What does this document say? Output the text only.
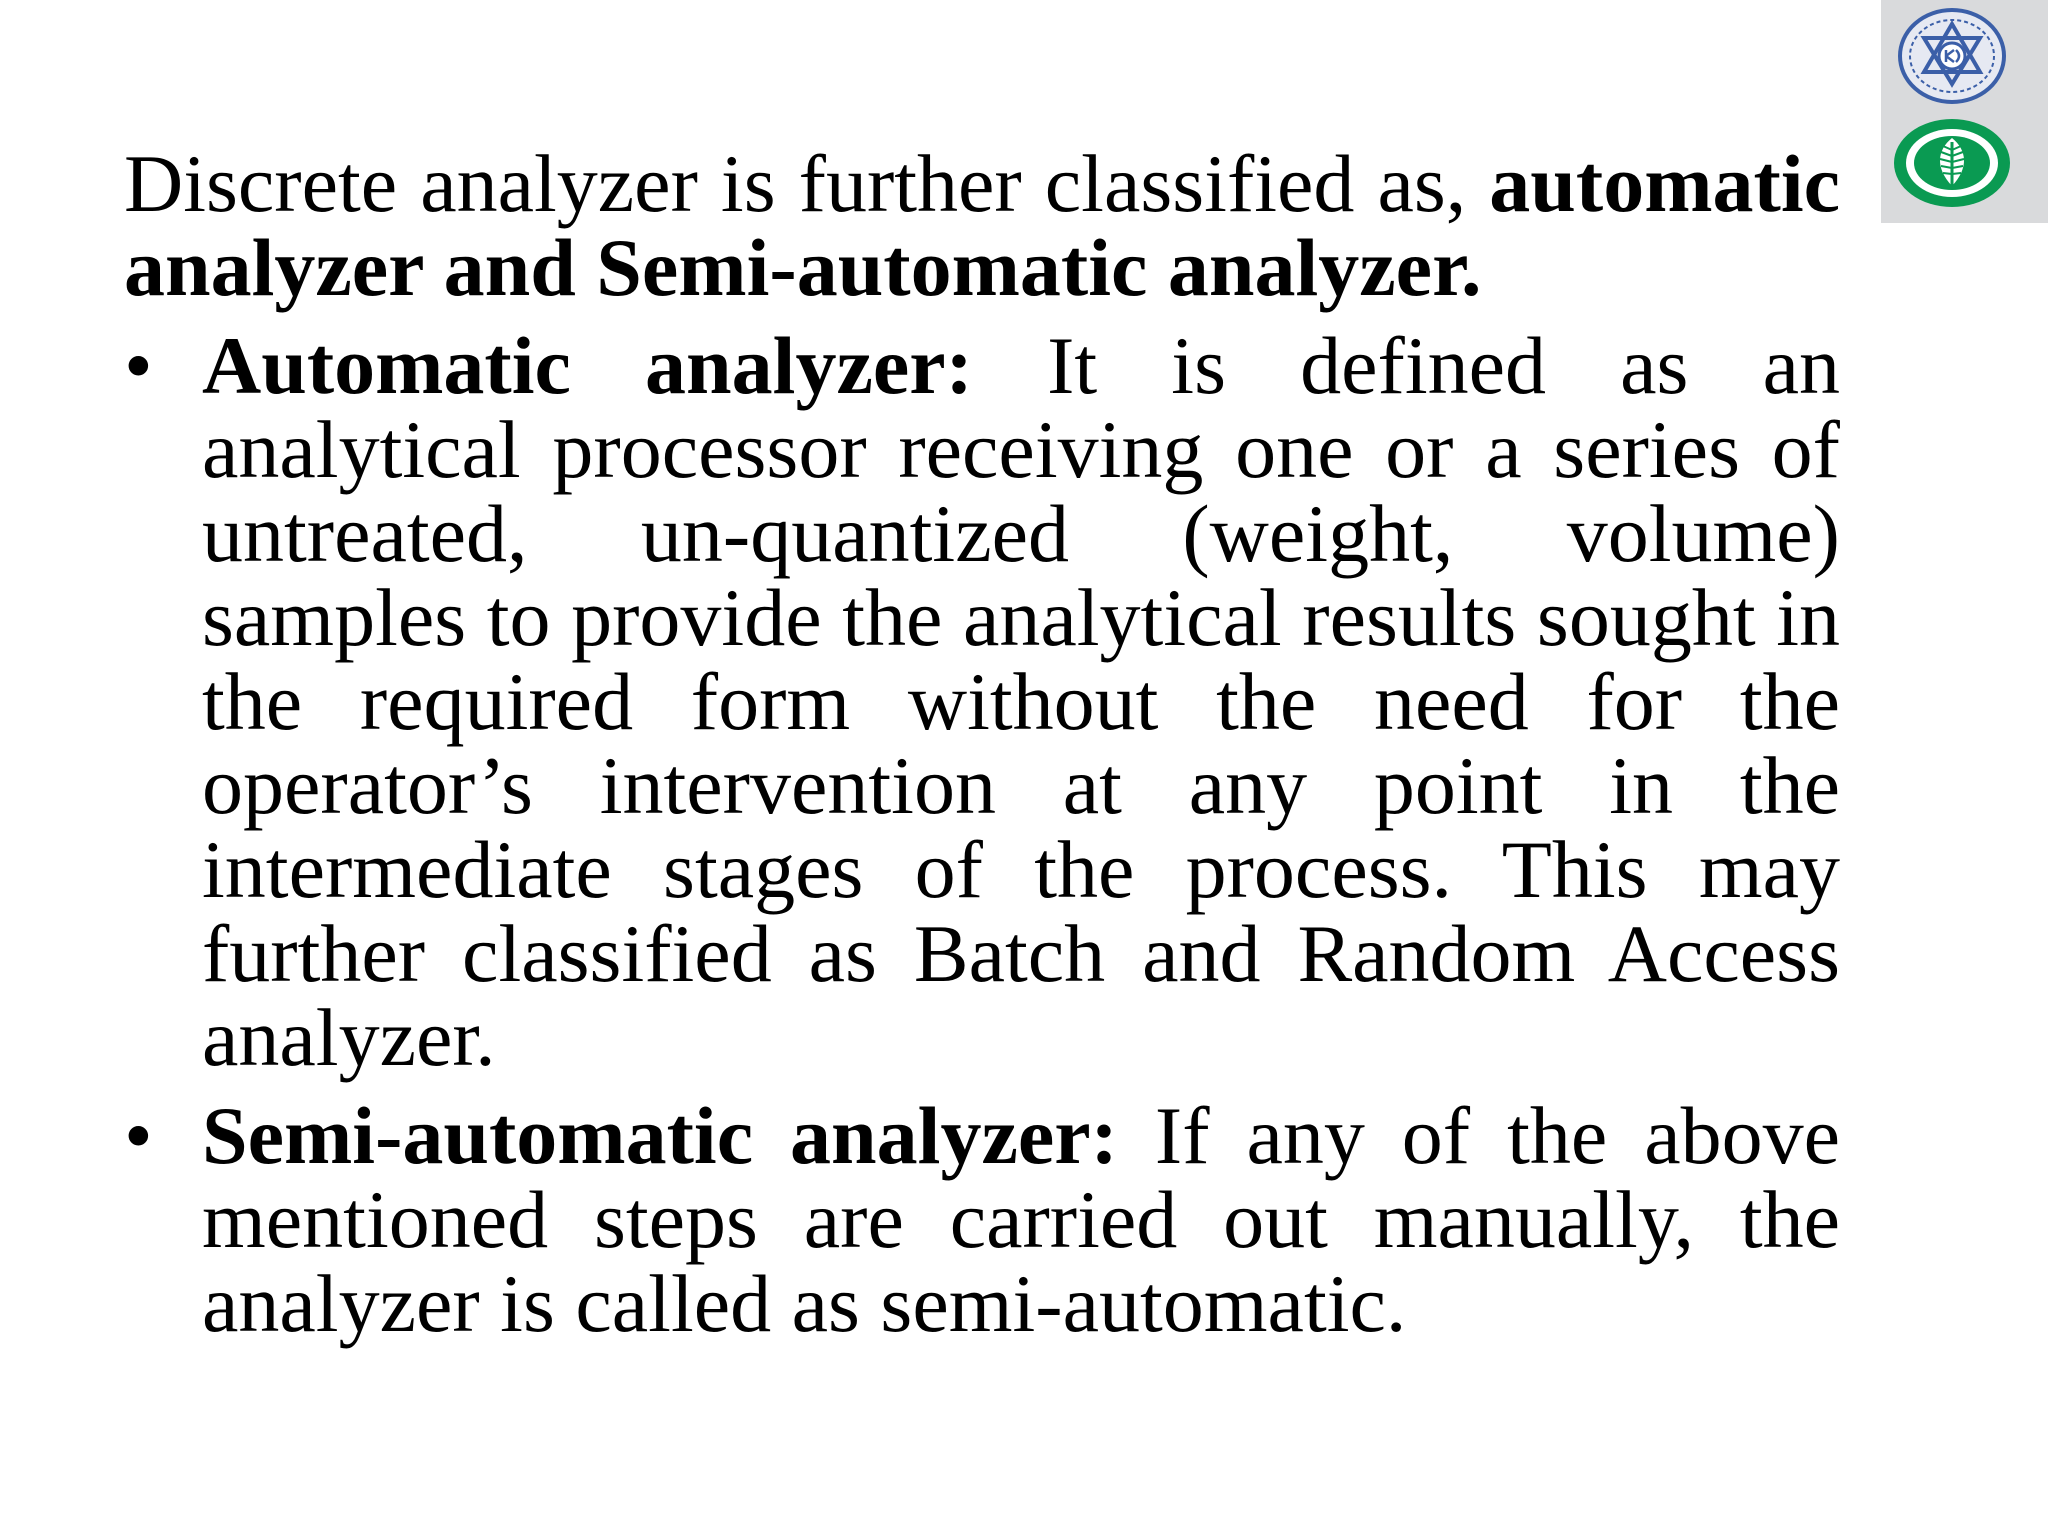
Discrete analyzer is further classified as, automatic analyzer and Semi-automatic analyzer.

• Automatic analyzer: It is defined as an analytical processor receiving one or a series of untreated, un-quantized (weight, volume) samples to provide the analytical results sought in the required form without the need for the operator’s intervention at any point in the intermediate stages of the process. This may further classified as Batch and Random Access analyzer.
• Semi-automatic analyzer: If any of the above mentioned steps are carried out manually, the analyzer is called as semi-automatic.
